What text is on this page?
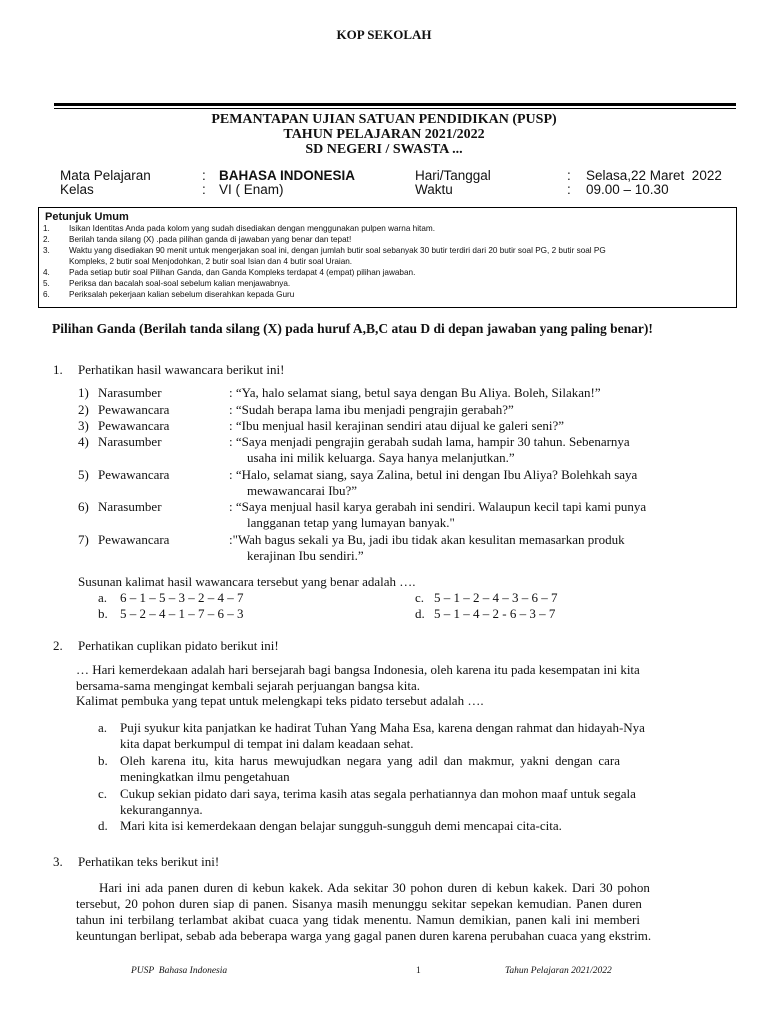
KOP SEKOLAH
PEMANTAPAN UJIAN SATUAN PENDIDIKAN (PUSP)
TAHUN PELAJARAN 2021/2022
SD NEGERI / SWASTA ...
Mata Pelajaran	: BAHASA INDONESIA	Hari/Tanggal	: Selasa,22 Maret  2022
Kelas	: VI ( Enam)	Waktu	: 09.00 – 10.30
Petunjuk Umum
1. Isikan Identitas Anda pada kolom yang sudah disediakan dengan menggunakan pulpen warna hitam.
2. Berilah tanda silang (X) .pada pilihan ganda di jawaban yang benar dan tepat!
3. Waktu yang disediakan 90 menit untuk mengerjakan soal ini, dengan jumlah butir soal sebanyak 30 butir terdiri dari 20 butir soal PG, 2 butir soal PG
Kompleks, 2 butir soal Menjodohkan, 2 butir soal Isian dan 4 butir soal Uraian.
4. Pada setiap butir soal Pilihan Ganda, dan Ganda Kompleks terdapat 4 (empat) pilihan jawaban.
5. Periksa dan bacalah soal-soal sebelum kalian menjawabnya.
6. Periksalah pekerjaan kalian sebelum diserahkan kepada Guru
Pilihan Ganda (Berilah tanda silang (X) pada huruf A,B,C atau D di depan jawaban yang paling benar)!
1. Perhatikan hasil wawancara berikut ini!
1) Narasumber	: “Ya, halo selamat siang, betul saya dengan Bu Aliya. Boleh, Silakan!”
2) Pewawancara	: “Sudah berapa lama ibu menjadi pengrajin gerabah?”
3) Pewawancara	: “Ibu menjual hasil kerajinan sendiri atau dijual ke galeri seni?”
4) Narasumber	: “Saya menjadi pengrajin gerabah sudah lama, hampir 30 tahun. Sebenarnya
usaha ini milik keluarga. Saya hanya melanjutkan.”
5) Pewawancara	: “Halo, selamat siang, saya Zalina, betul ini dengan Ibu Aliya? Bolehkah saya
mewawancarai Ibu?”
6) Narasumber	: “Saya menjual hasil karya gerabah ini sendiri. Walaupun kecil tapi kami punya
langganan tetap yang lumayan banyak."
7) Pewawancara	:"Wah bagus sekali ya Bu, jadi ibu tidak akan kesulitan memasarkan produk
kerajinan Ibu sendiri.”
Susunan kalimat hasil wawancara tersebut yang benar adalah ….
a. 6 – 1 – 5 – 3 – 2 – 4 – 7
b. 5 – 2 – 4 – 1 – 7 – 6 – 3
c. 5 – 1 – 2 – 4 – 3 – 6 – 7
d. 5 – 1 – 4 – 2 - 6 – 3 – 7
2. Perhatikan cuplikan pidato berikut ini!
… Hari kemerdekaan adalah hari bersejarah bagi bangsa Indonesia, oleh karena itu pada kesempatan ini kita
bersama-sama mengingat kembali sejarah perjuangan bangsa kita.
Kalimat pembuka yang tepat untuk melengkapi teks pidato tersebut adalah ….
a. Puji syukur kita panjatkan ke hadirat Tuhan Yang Maha Esa, karena dengan rahmat dan hidayah-Nya
kita dapat berkumpul di tempat ini dalam keadaan sehat.
b. Oleh karena itu, kita harus mewujudkan negara yang adil dan makmur, yakni dengan cara
meningkatkan ilmu pengetahuan
c. Cukup sekian pidato dari saya, terima kasih atas segala perhatiannya dan mohon maaf untuk segala
kekurangannya.
d. Mari kita isi kemerdekaan dengan belajar sungguh-sungguh demi mencapai cita-cita.
3. Perhatikan teks berikut ini!
Hari ini ada panen duren di kebun kakek. Ada sekitar 30 pohon duren di kebun kakek. Dari 30 pohon
tersebut, 20 pohon duren siap di panen. Sisanya masih menunggu sekitar sepekan kemudian. Panen duren
tahun ini terbilang terlambat akibat cuaca yang tidak menentu. Namun demikian, panen kali ini memberi
keuntungan berlipat, sebab ada beberapa warga yang gagal panen duren karena perubahan cuaca yang ekstrim.
PUSP  Bahasa Indonesia	1	Tahun Pelajaran 2021/2022
